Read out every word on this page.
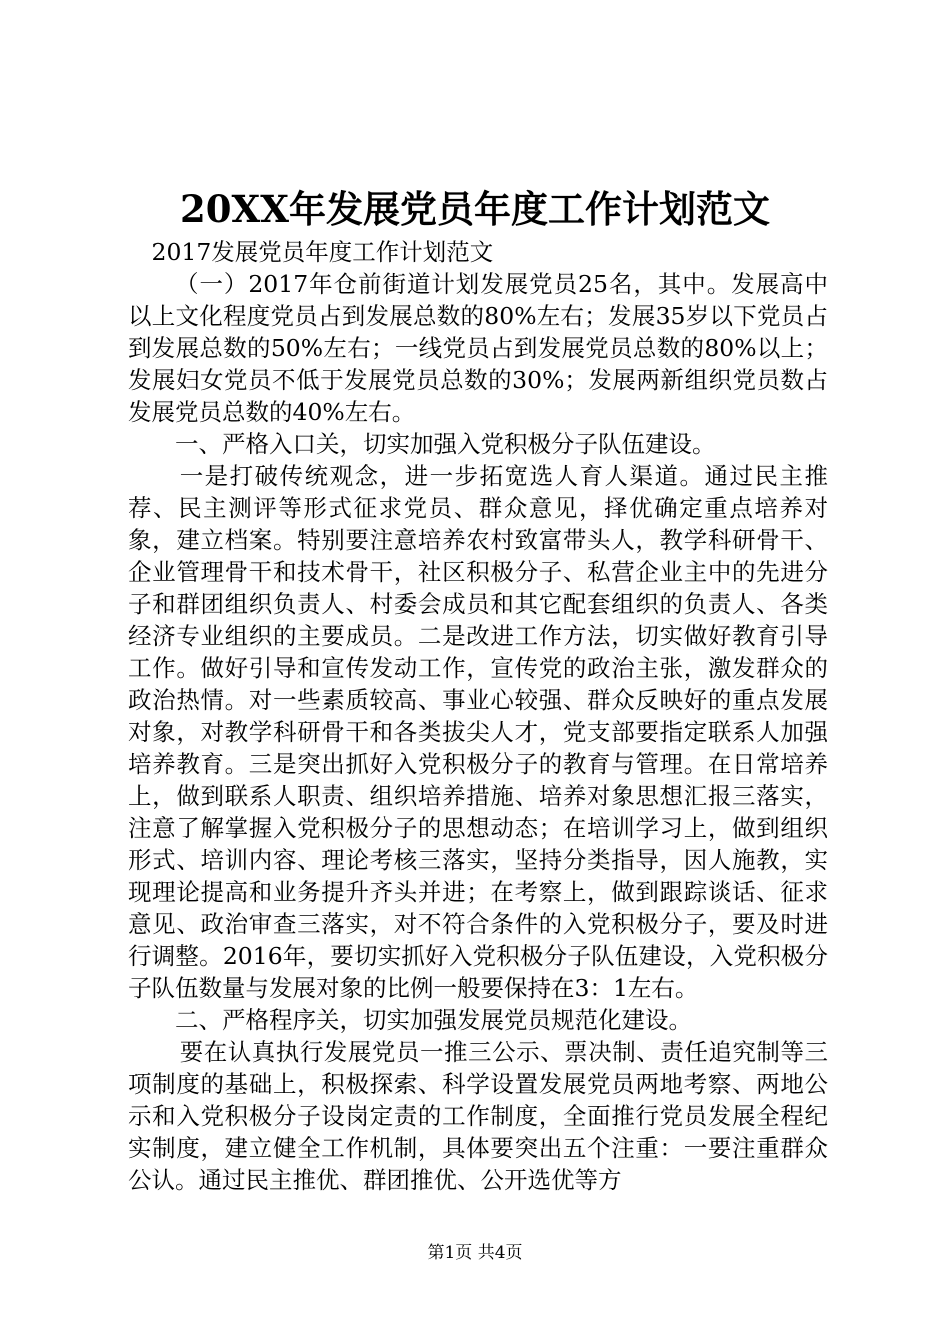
20XX年发展党员年度工作计划范文

2017发展党员年度工作计划范文

（一）2017年仓前街道计划发展党员25名，其中。发展高中以上文化程度党员占到发展总数的80%左右；发展35岁以下党员占到发展总数的50%左右；一线党员占到发展党员总数的80%以上；发展妇女党员不低于发展党员总数的30%；发展两新组织党员数占发展党员总数的40%左右。

一、严格入口关，切实加强入党积极分子队伍建设。

一是打破传统观念，进一步拓宽选人育人渠道。通过民主推荐、民主测评等形式征求党员、群众意见，择优确定重点培养对象，建立档案。特别要注意培养农村致富带头人，教学科研骨干、企业管理骨干和技术骨干，社区积极分子、私营企业主中的先进分子和群团组织负责人、村委会成员和其它配套组织的负责人、各类经济专业组织的主要成员。二是改进工作方法，切实做好教育引导工作。做好引导和宣传发动工作，宣传党的政治主张，激发群众的政治热情。对一些素质较高、事业心较强、群众反映好的重点发展对象，对教学科研骨干和各类拔尖人才，党支部要指定联系人加强培养教育。三是突出抓好入党积极分子的教育与管理。在日常培养上，做到联系人职责、组织培养措施、培养对象思想汇报三落实，注意了解掌握入党积极分子的思想动态；在培训学习上，做到组织形式、培训内容、理论考核三落实，坚持分类指导，因人施教，实现理论提高和业务提升齐头并进；在考察上，做到跟踪谈话、征求意见、政治审查三落实，对不符合条件的入党积极分子，要及时进行调整。2016年，要切实抓好入党积极分子队伍建设，入党积极分子队伍数量与发展对象的比例一般要保持在3：1左右。

二、严格程序关，切实加强发展党员规范化建设。

要在认真执行发展党员一推三公示、票决制、责任追究制等三项制度的基础上，积极探索、科学设置发展党员两地考察、两地公示和入党积极分子设岗定责的工作制度，全面推行党员发展全程纪实制度，建立健全工作机制，具体要突出五个注重：一要注重群众公认。通过民主推优、群团推优、公开选优等方

第1页 共4页
